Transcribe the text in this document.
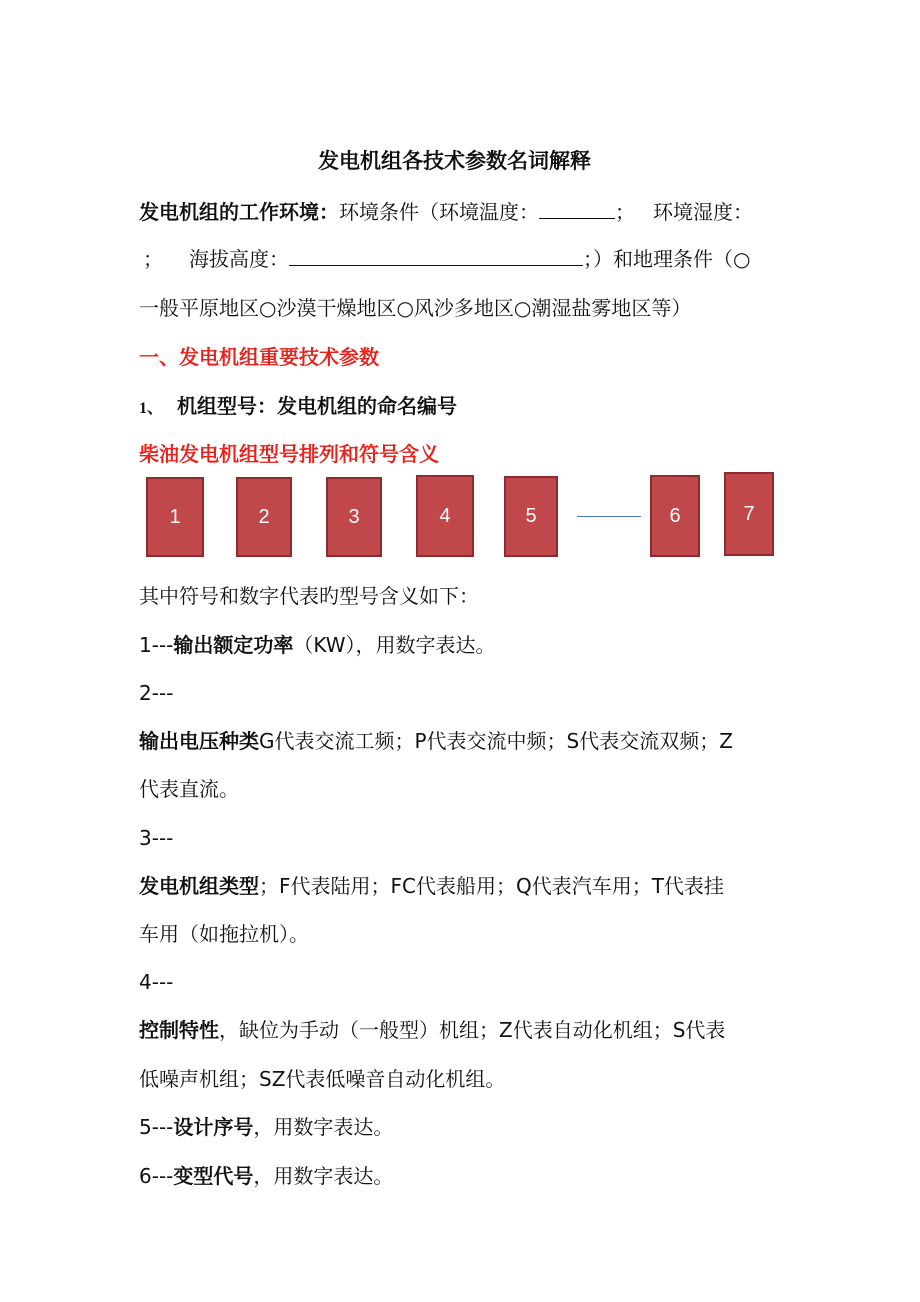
发电机组各技术参数名词解释
发电机组的工作环境：环境条件（环境温度：	； 环境湿度：
； 海拔高度：	；）和地理条件（○
一般平原地区○沙漠干燥地区○风沙多地区○潮湿盐雾地区等）
一、发电机组重要技术参数
1、 机组型号：发电机组的命名编号
柴油发电机组型号排列和符号含义
1	2	3	4	5	6	7
其中符号和数字代表旳型号含义如下：
1---输出额定功率（KW），用数字表达。
2---
输出电压种类G代表交流工频；P代表交流中频；S代表交流双频；Z
代表直流。
3---
发电机组类型；F代表陆用；FC代表船用；Q代表汽车用；T代表挂
车用（如拖拉机）。
4---
控制特性，缺位为手动（一般型）机组；Z代表自动化机组；S代表
低噪声机组；SZ代表低噪音自动化机组。
5---设计序号，用数字表达。
6---变型代号，用数字表达。
